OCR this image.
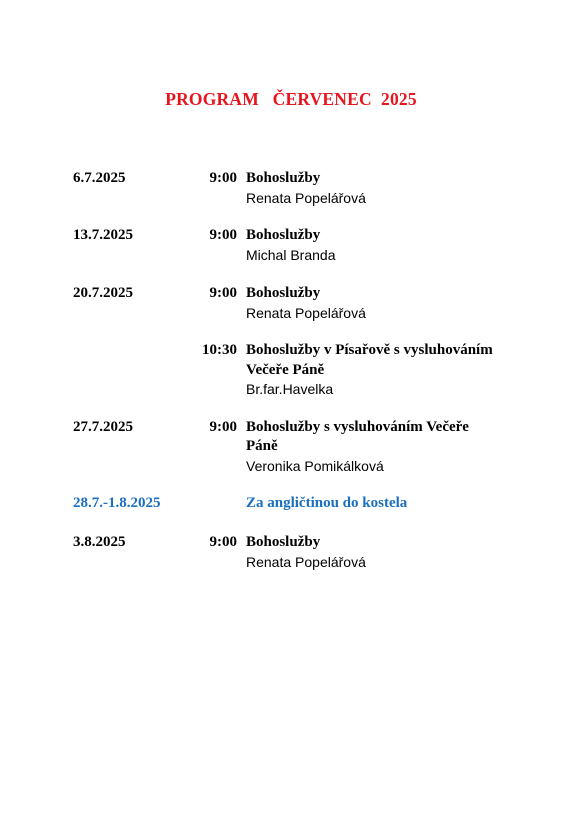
PROGRAM   ČERVENEC  2025
6.7.2025	9:00 Bohoslužby
Renata Popelářová
13.7.2025	9:00 Bohoslužby
Michal Branda
20.7.2025	9:00 Bohoslužby
Renata Popelářová
10:30 Bohoslužby v Písařově s vysluhováním
Večeře Páně
Br.far.Havelka
27.7.2025	9:00 Bohoslužby s vysluhováním Večeře
Páně
Veronika Pomikálková
28.7.-1.8.2025	Za angličtinou do kostela
3.8.2025	9:00 Bohoslužby
Renata Popelářová
